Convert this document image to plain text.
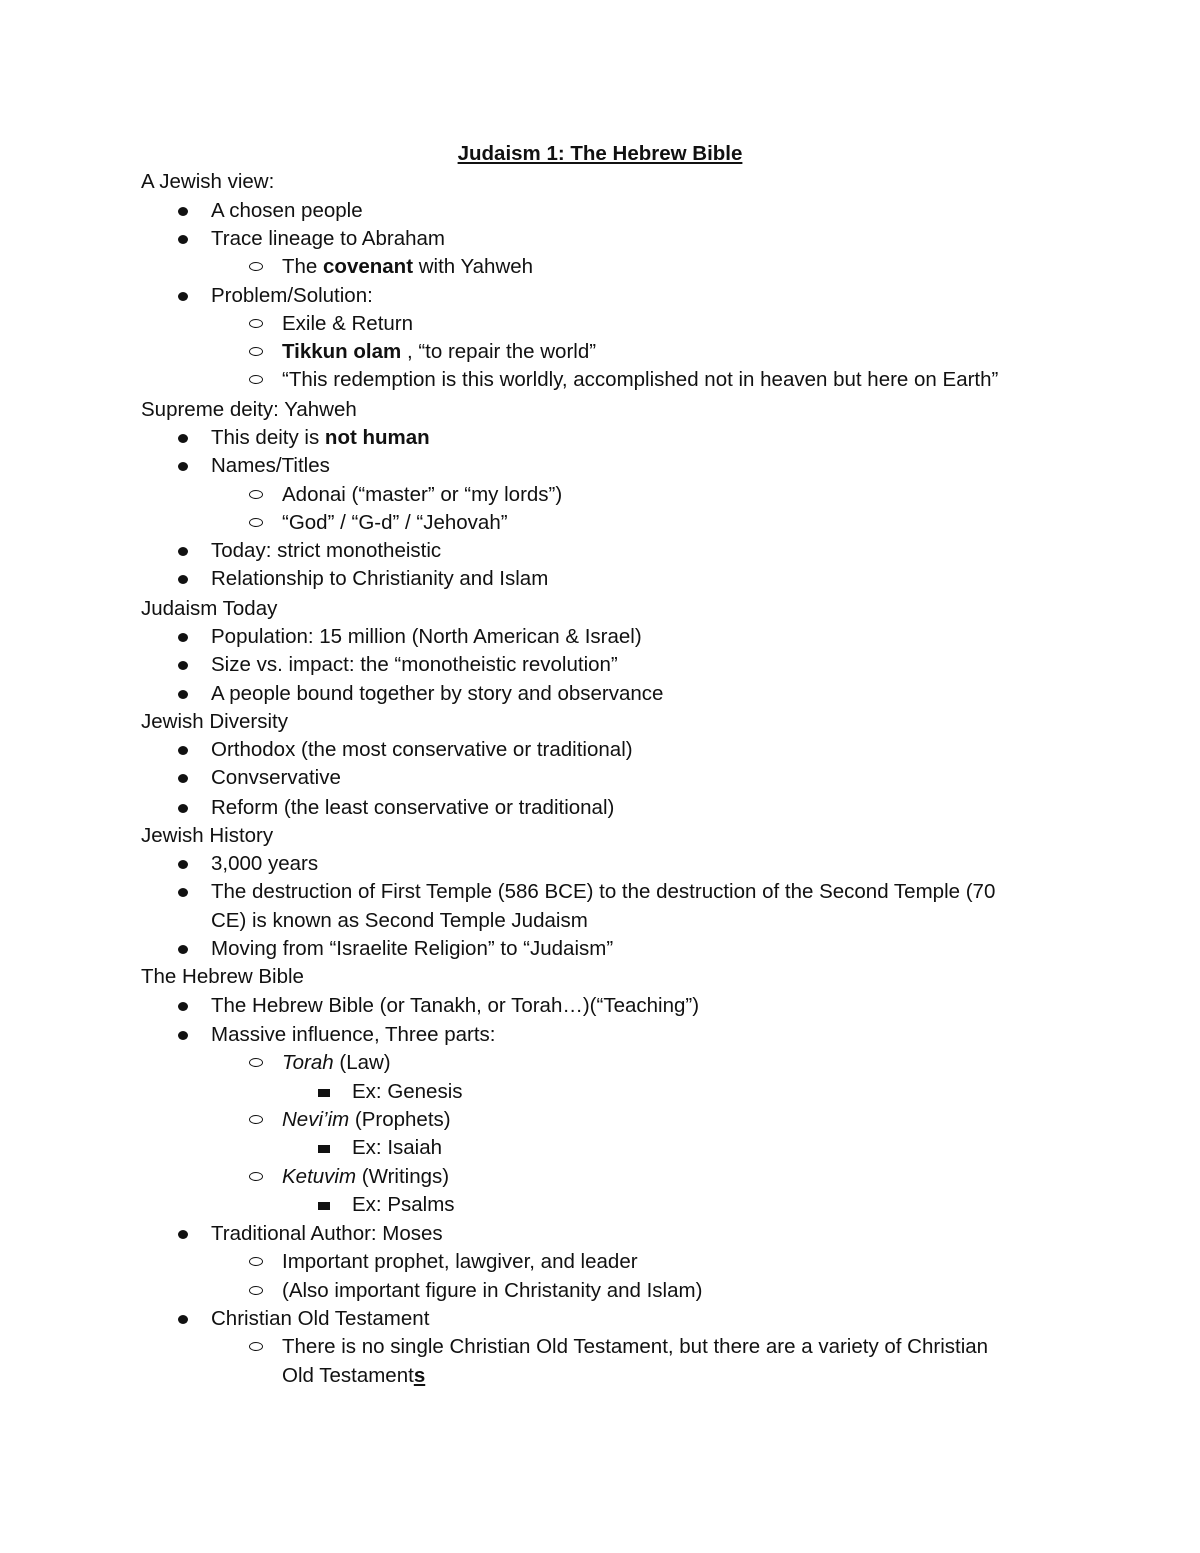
Judaism 1: The Hebrew Bible
A Jewish view:
A chosen people
Trace lineage to Abraham
The covenant with Yahweh
Problem/Solution:
Exile & Return
Tikkun olam , “to repair the world”
“This redemption is this worldly, accomplished not in heaven but here on Earth”
Supreme deity: Yahweh
This deity is not human
Names/Titles
Adonai (“master” or “my lords”)
“God” / “G-d” / “Jehovah”
Today: strict monotheistic
Relationship to Christianity and Islam
Judaism Today
Population: 15 million (North American & Israel)
Size vs. impact: the “monotheistic revolution”
A people bound together by story and observance
Jewish Diversity
Orthodox (the most conservative or traditional)
Convservative
Reform (the least conservative or traditional)
Jewish History
3,000 years
The destruction of First Temple (586 BCE) to the destruction of the Second Temple (70
CE) is known as Second Temple Judaism
Moving from “Israelite Religion” to “Judaism”
The Hebrew Bible
The Hebrew Bible (or Tanakh, or Torah…)(“Teaching”)
Massive influence, Three parts:
Torah (Law)
Ex: Genesis
Nevi’im (Prophets)
Ex: Isaiah
Ketuvim (Writings)
Ex: Psalms
Traditional Author: Moses
Important prophet, lawgiver, and leader
(Also important figure in Christanity and Islam)
Christian Old Testament
There is no single Christian Old Testament, but there are a variety of Christian
Old Testaments
